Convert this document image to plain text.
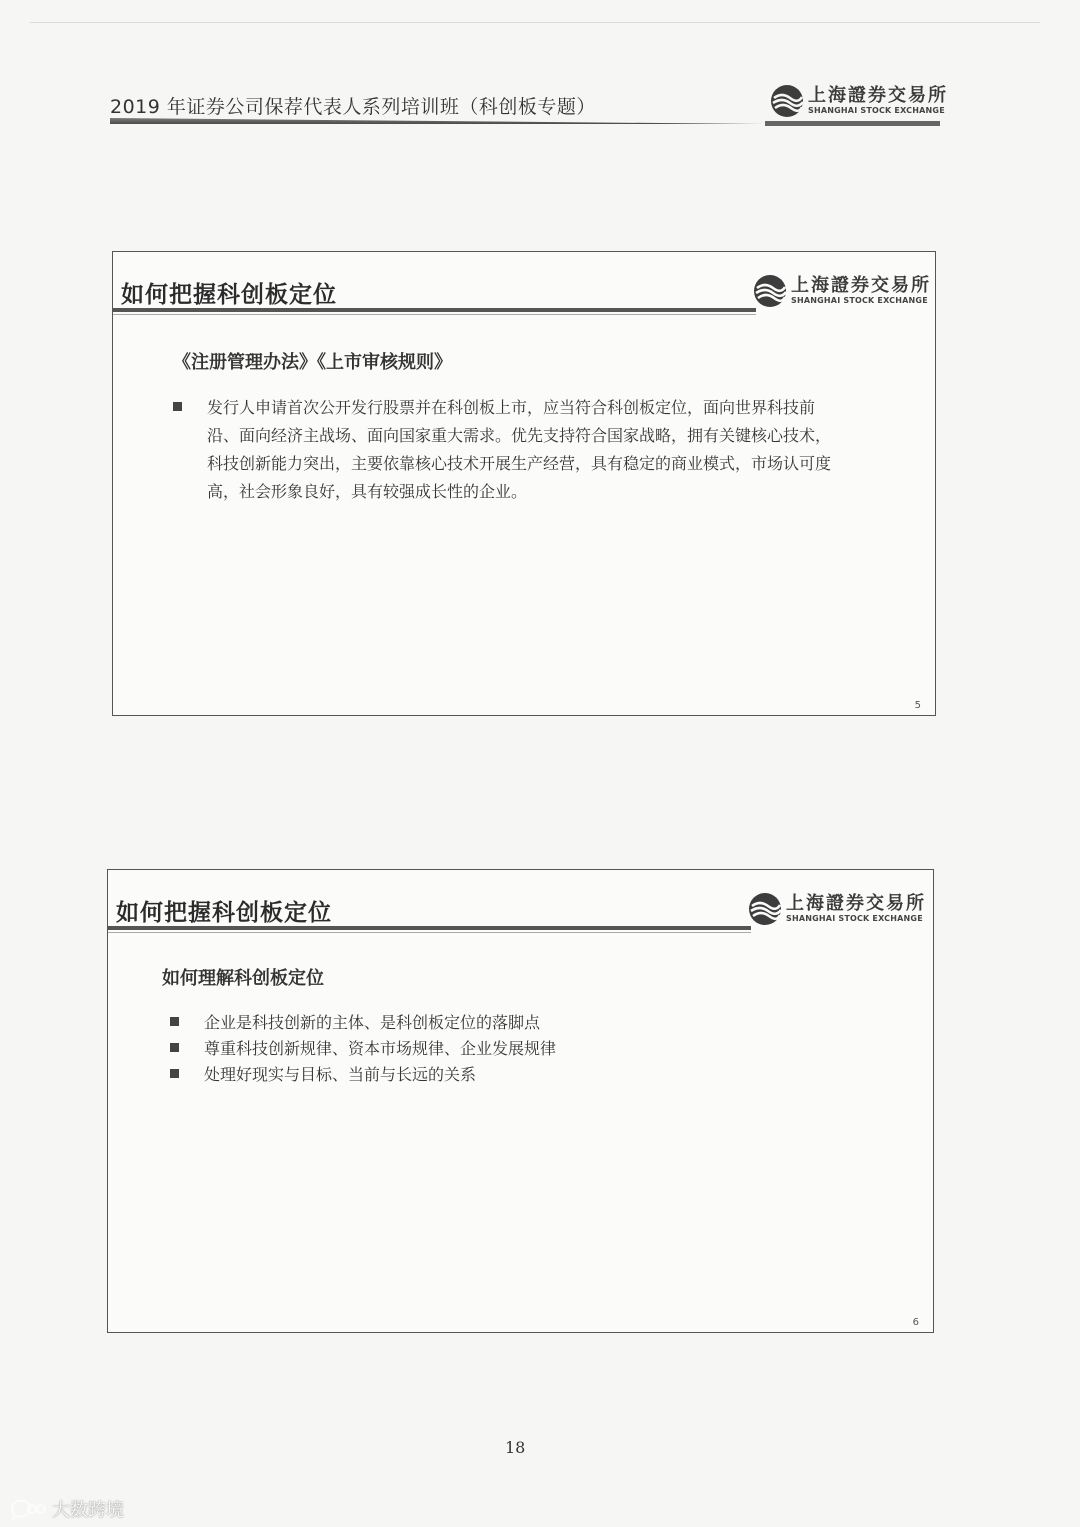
2019 年证券公司保荐代表人系列培训班（科创板专题）
上海證券交易所
SHANGHAI STOCK EXCHANGE
如何把握科创板定位	上海證券交易所
SHANGHAI STOCK EXCHANGE
《注册管理办法》《上市审核规则》
发行人申请首次公开发行股票并在科创板上市，应当符合科创板定位，面向世界科技前沿、面向经济主战场、面向国家重大需求。优先支持符合国家战略，拥有关键核心技术，科技创新能力突出，主要依靠核心技术开展生产经营，具有稳定的商业模式，市场认可度高，社会形象良好，具有较强成长性的企业。
5
如何把握科创板定位	上海證券交易所
SHANGHAI STOCK EXCHANGE
如何理解科创板定位
企业是科技创新的主体、是科创板定位的落脚点
尊重科技创新规律、资本市场规律、企业发展规律
处理好现实与目标、当前与长远的关系
6
18
大数跨境
